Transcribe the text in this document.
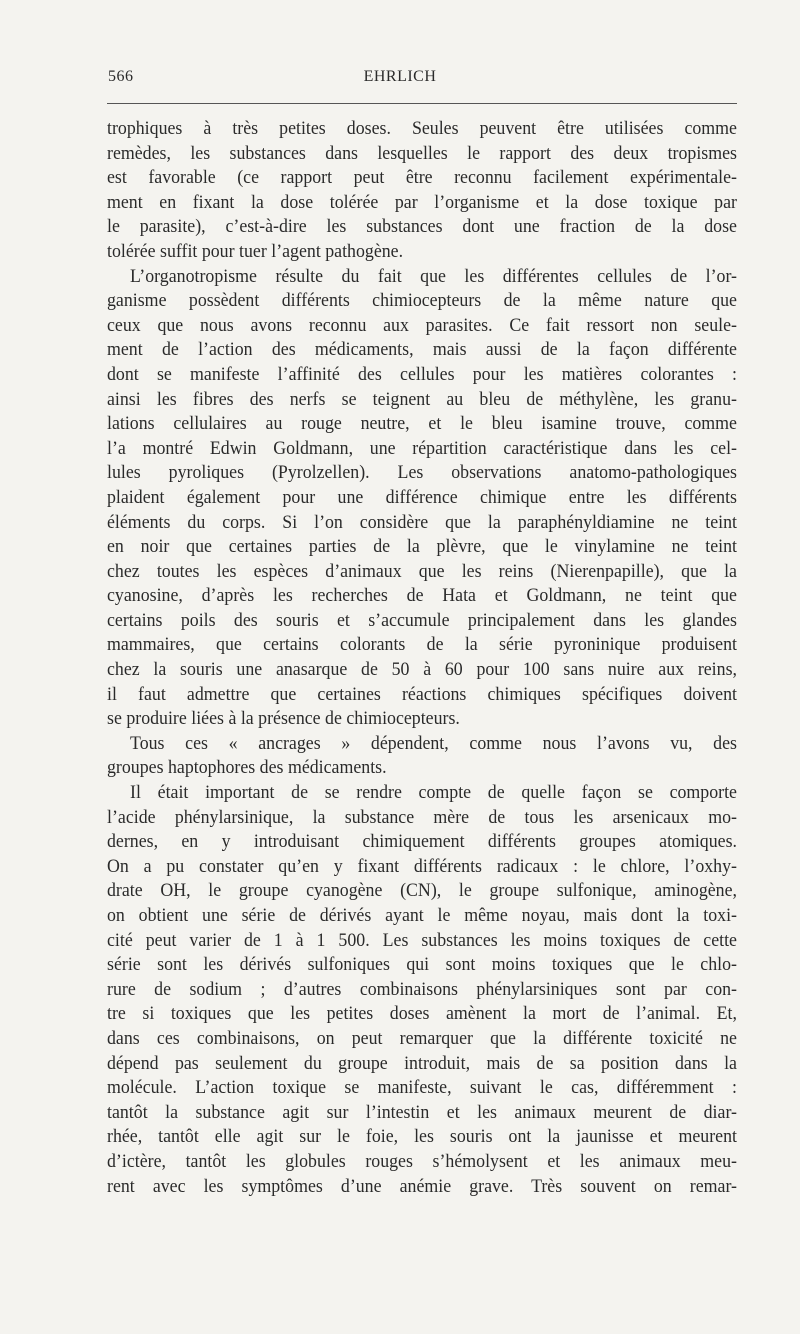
566	EHRLICH
trophiques à très petites doses. Seules peuvent être utilisées comme
remèdes, les substances dans lesquelles le rapport des deux tropismes
est favorable (ce rapport peut être reconnu facilement expérimentale-
ment en fixant la dose tolérée par l’organisme et la dose toxique par
le parasite), c’est-à-dire les substances dont une fraction de la dose
tolérée suffit pour tuer l’agent pathogène.
L’organotropisme résulte du fait que les différentes cellules de l’or-
ganisme possèdent différents chimiocepteurs de la même nature que
ceux que nous avons reconnu aux parasites. Ce fait ressort non seule-
ment de l’action des médicaments, mais aussi de la façon différente
dont se manifeste l’affinité des cellules pour les matières colorantes :
ainsi les fibres des nerfs se teignent au bleu de méthylène, les granu-
lations cellulaires au rouge neutre, et le bleu isamine trouve, comme
l’a montré Edwin Goldmann, une répartition caractéristique dans les cel-
lules pyroliques (Pyrolzellen). Les observations anatomo-pathologiques
plaident également pour une différence chimique entre les différents
éléments du corps. Si l’on considère que la paraphényldiamine ne teint
en noir que certaines parties de la plèvre, que le vinylamine ne teint
chez toutes les espèces d’animaux que les reins (Nierenpapille), que la
cyanosine, d’après les recherches de Hata et Goldmann, ne teint que
certains poils des souris et s’accumule principalement dans les glandes
mammaires, que certains colorants de la série pyroninique produisent
chez la souris une anasarque de 50 à 60 pour 100 sans nuire aux reins,
il faut admettre que certaines réactions chimiques spécifiques doivent
se produire liées à la présence de chimiocepteurs.
Tous ces « ancrages » dépendent, comme nous l’avons vu, des
groupes haptophores des médicaments.
Il était important de se rendre compte de quelle façon se comporte
l’acide phénylarsinique, la substance mère de tous les arsenicaux mo-
dernes, en y introduisant chimiquement différents groupes atomiques.
On a pu constater qu’en y fixant différents radicaux : le chlore, l’oxhy-
drate OH, le groupe cyanogène (CN), le groupe sulfonique, aminogène,
on obtient une série de dérivés ayant le même noyau, mais dont la toxi-
cité peut varier de 1 à 1 500. Les substances les moins toxiques de cette
série sont les dérivés sulfoniques qui sont moins toxiques que le chlo-
rure de sodium ; d’autres combinaisons phénylarsiniques sont par con-
tre si toxiques que les petites doses amènent la mort de l’animal. Et,
dans ces combinaisons, on peut remarquer que la différente toxicité ne
dépend pas seulement du groupe introduit, mais de sa position dans la
molécule. L’action toxique se manifeste, suivant le cas, différemment :
tantôt la substance agit sur l’intestin et les animaux meurent de diar-
rhée, tantôt elle agit sur le foie, les souris ont la jaunisse et meurent
d’ictère, tantôt les globules rouges s’hémolysent et les animaux meu-
rent avec les symptômes d’une anémie grave. Très souvent on remar-
